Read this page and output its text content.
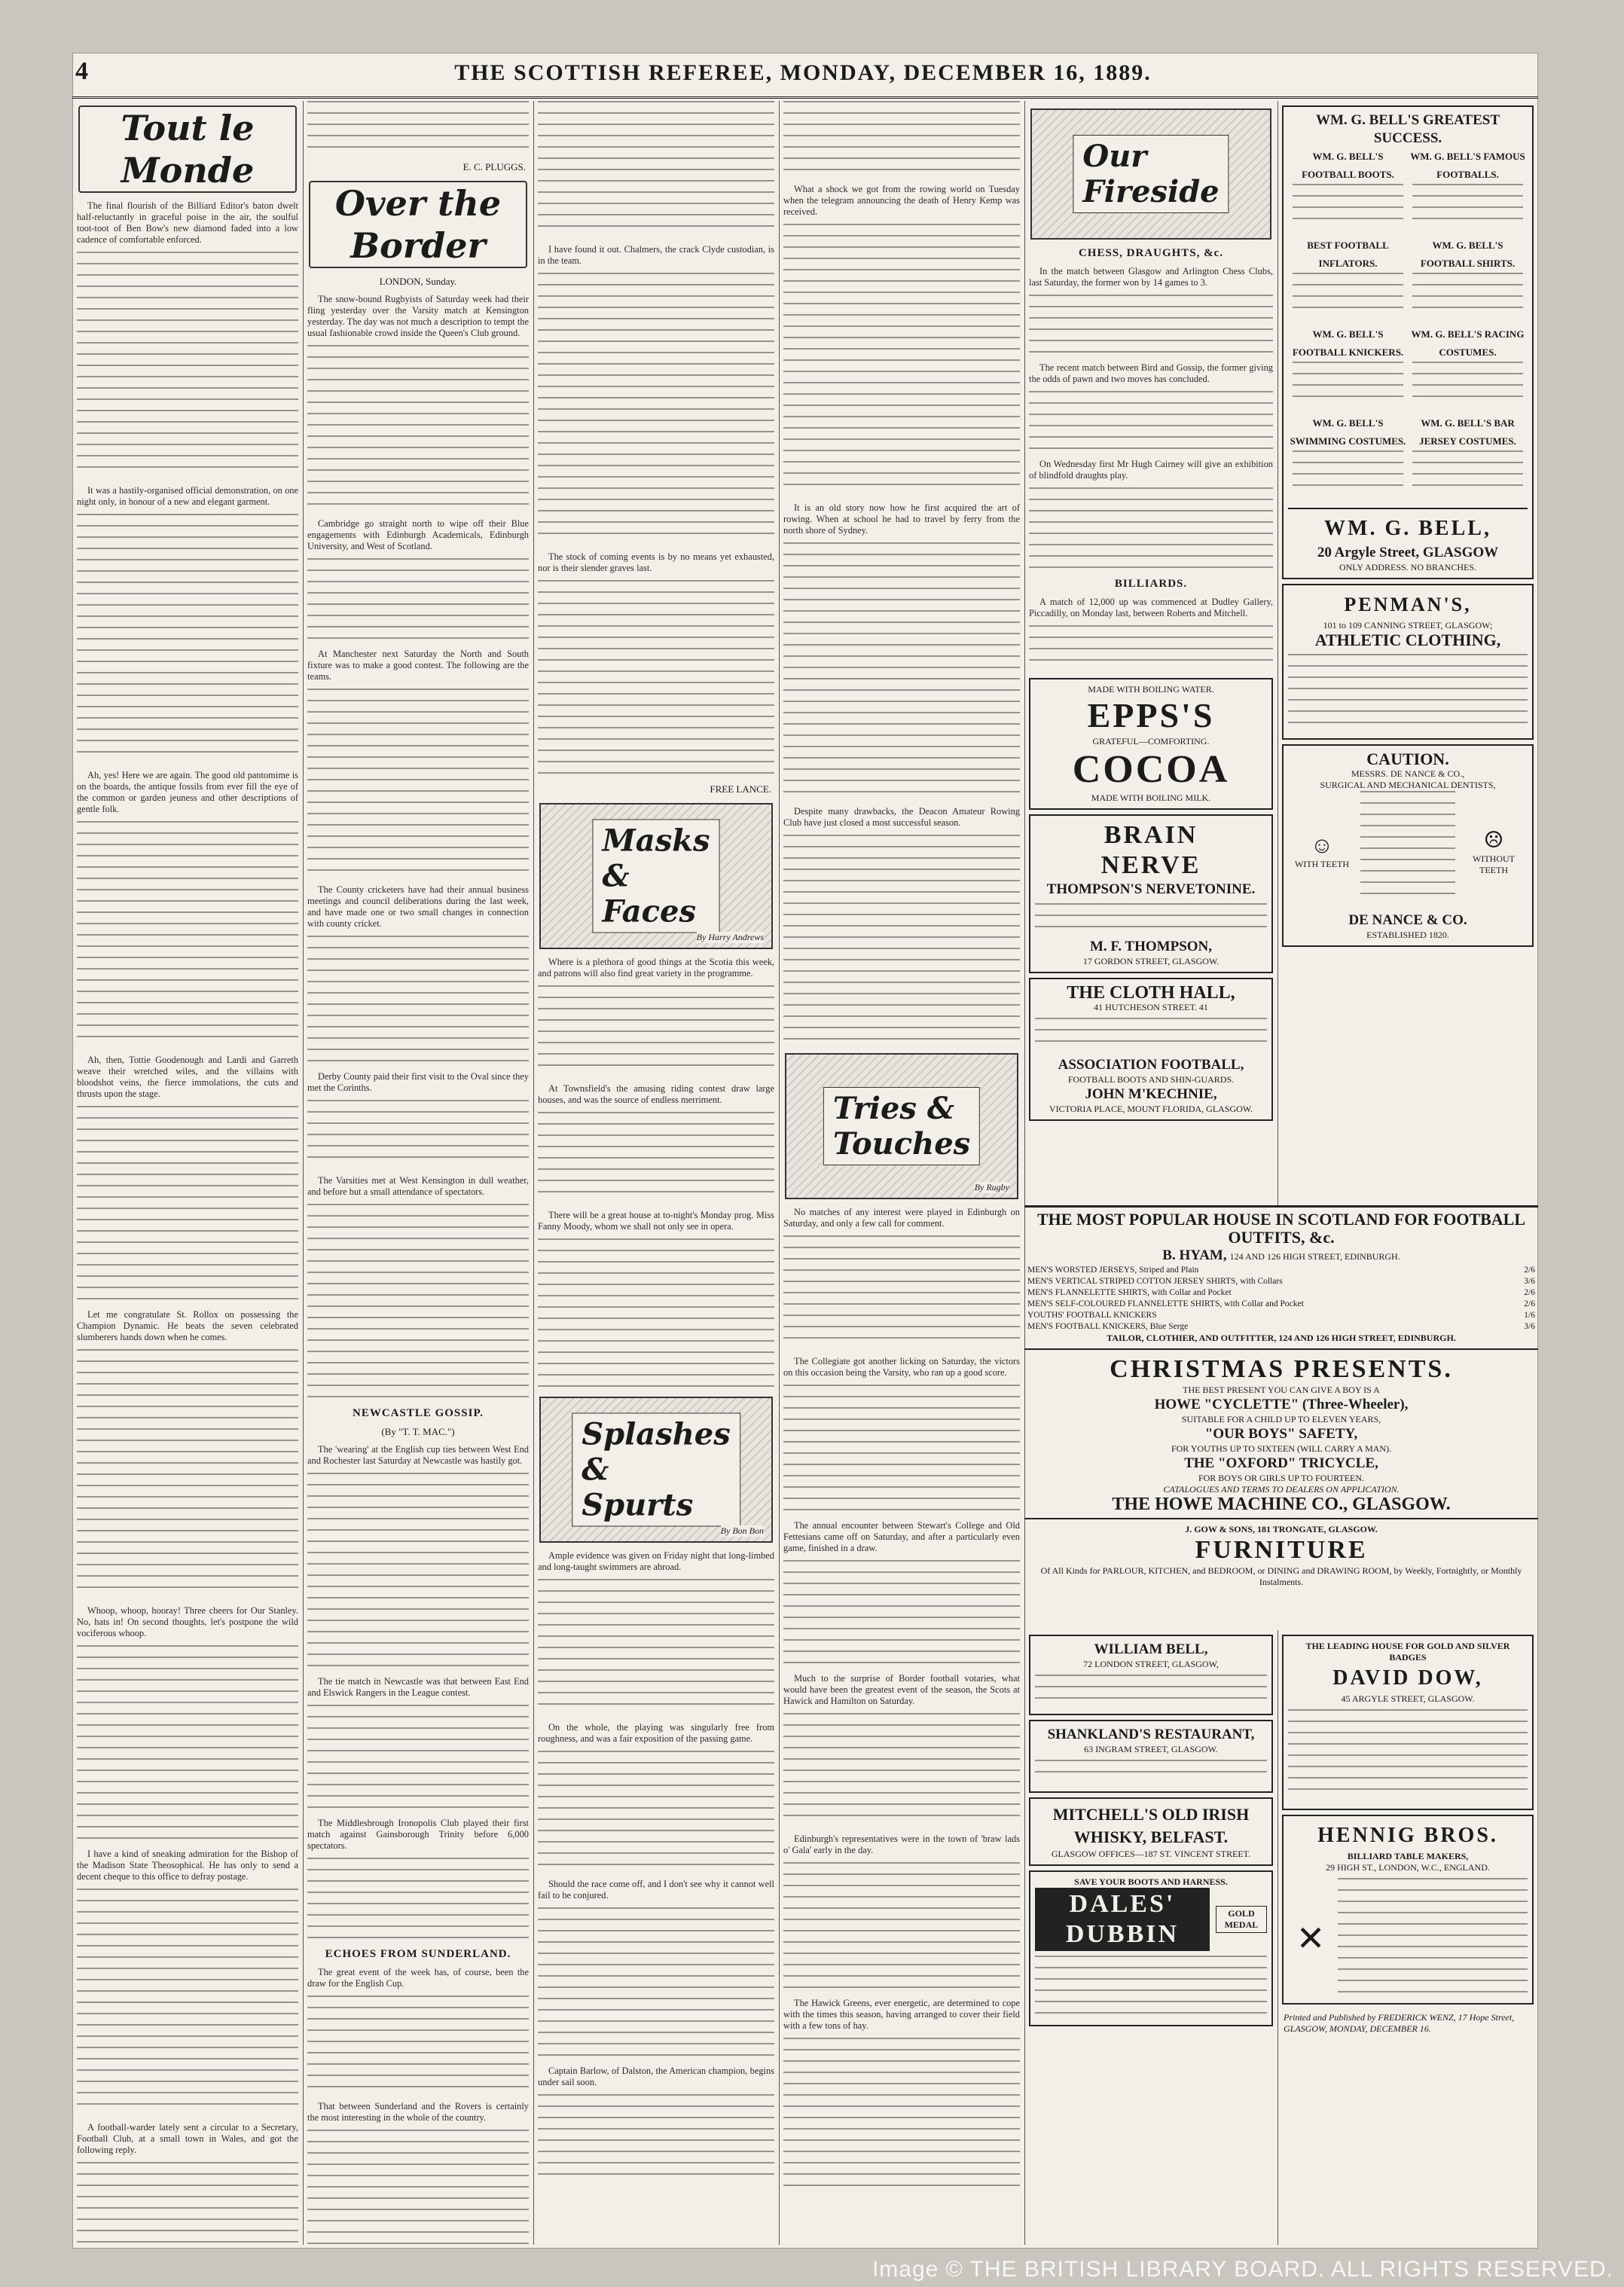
4	THE SCOTTISH REFEREE, MONDAY, DECEMBER 16, 1889.
Tout le Monde

The final flourish of the Billiard Editor's baton dwelt half-reluctantly in graceful poise in the air, the soulful toot-toot of Ben Bow's new diamond faded into a low cadence of comfortable enforced.

It was a hastily-organised official demonstration, on one night only, in honour of a new and elegant garment.

Ah, yes! Here we are again. The good old pantomime is on the boards, the antique fossils from ever fill the eye of the common or garden jeuness and other descriptions of gentle folk.

Ah, then, Tottie Goodenough and Lardi and Garreth weave their wretched wiles, and the villains with bloodshot veins, the fierce immolations, the cuts and thrusts upon the stage.

Let me congratulate St. Rollox on possessing the Champion Dynamic. He beats the seven celebrated slumberers hands down when he comes.

Whoop, whoop, hooray! Three cheers for Our Stanley. No, hats in! On second thoughts, let's postpone the wild vociferous whoop.

I have a kind of sneaking admiration for the Bishop of the Madison State Theosophical. He has only to send a decent cheque to this office to defray postage.

A football-warder lately sent a circular to a Secretary, Football Club, at a small town in Wales, and got the following reply.

E. C. PLUGGS.
Over the Border
LONDON, Sunday.

The snow-bound Rugbyists of Saturday week had their fling yesterday over the Varsity match at Kensington yesterday. The day was not much a description to tempt the usual fashionable crowd inside the Queen's Club ground.

Cambridge go straight north to wipe off their Blue engagements with Edinburgh Academicals, Edinburgh University, and West of Scotland.

At Manchester next Saturday the North and South fixture was to make a good contest. The following are the teams.

The County cricketers have had their annual business meetings and council deliberations during the last week, and have made one or two small changes in connection with county cricket.

Derby County paid their first visit to the Oval since they met the Corinths.

The Varsities met at West Kensington in dull weather, and before but a small attendance of spectators.

NEWCASTLE GOSSIP.
(By "T. T. MAC.")

The 'wearing' at the English cup ties between West End and Rochester last Saturday at Newcastle was hastily got.

The tie match in Newcastle was that between East End and Elswick Rangers in the League contest.

The Middlesbrough Ironopolis Club played their first match against Gainsborough Trinity before 6,000 spectators.

ECHOES FROM SUNDERLAND.

The great event of the week has, of course, been the draw for the English Cup.

That between Sunderland and the Rovers is certainly the most interesting in the whole of the country.

I have found it out. Chalmers, the crack Clyde custodian, is in the team.

The stock of coming events is by no means yet exhausted, nor is their slender graves last.

FREE LANCE.
Masks & Faces
By Harry Andrews

Where is a plethora of good things at the Scotia this week, and patrons will also find great variety in the programme.

At Townsfield's the amusing riding contest draw large houses, and was the source of endless merriment.

There will be a great house at to-night's Monday prog. Miss Fanny Moody, whom we shall not only see in opera.

Splashes & Spurts
By Bon Bon

Ample evidence was given on Friday night that long-limbed and long-taught swimmers are abroad.

On the whole, the playing was singularly free from roughness, and was a fair exposition of the passing game.

Should the race come off, and I don't see why it cannot well fail to be conjured.

Captain Barlow, of Dalston, the American champion, begins under sail soon.

What a shock we got from the rowing world on Tuesday when the telegram announcing the death of Henry Kemp was received.

It is an old story now how he first acquired the art of rowing. When at school he had to travel by ferry from the north shore of Sydney.

Despite many drawbacks, the Deacon Amateur Rowing Club have just closed a most successful season.

Tries & Touches
By Rugby

No matches of any interest were played in Edinburgh on Saturday, and only a few call for comment.

The Collegiate got another licking on Saturday, the victors on this occasion being the Varsity, who ran up a good score.

The annual encounter between Stewart's College and Old Fettesians came off on Saturday, and after a particularly even game, finished in a draw.

Much to the surprise of Border football votaries, what would have been the greatest event of the season, the Scots at Hawick and Hamilton on Saturday.

Edinburgh's representatives were in the town of 'braw lads o' Gala' early in the day.

The Hawick Greens, ever energetic, are determined to cope with the times this season, having arranged to cover their field with a few tons of hay.

Our Fireside
CHESS, DRAUGHTS, &c.

In the match between Glasgow and Arlington Chess Clubs, last Saturday, the former won by 14 games to 3.

The recent match between Bird and Gossip, the former giving the odds of pawn and two moves has concluded.

On Wednesday first Mr Hugh Cairney will give an exhibition of blindfold draughts play.

BILLIARDS.

A match of 12,000 up was commenced at Dudley Gallery, Piccadilly, on Monday last, between Roberts and Mitchell.

MADE WITH BOILING WATER.
EPPS'S
GRATEFUL—COMFORTING.
COCOA
MADE WITH BOILING MILK.
BRAIN
NERVE
THOMPSON'S NERVETONINE.
M. F. THOMPSON,
17 GORDON STREET, GLASGOW.
THE CLOTH HALL,
41 HUTCHESON STREET. 41
ASSOCIATION FOOTBALL,
FOOTBALL BOOTS AND SHIN-GUARDS.
JOHN M'KECHNIE,
VICTORIA PLACE, MOUNT FLORIDA, GLASGOW.
WM. G. BELL'S GREATEST SUCCESS.
WM. G. BELL'S FOOTBALL BOOTS.
BEST FOOTBALL INFLATORS.
WM. G. BELL'S FOOTBALL KNICKERS.
WM. G. BELL'S SWIMMING COSTUMES.
WM. G. BELL'S FAMOUS FOOTBALLS.
WM. G. BELL'S FOOTBALL SHIRTS.
WM. G. BELL'S RACING COSTUMES.
WM. G. BELL'S BAR JERSEY COSTUMES.
WM. G. BELL,
20 Argyle Street, GLASGOW
ONLY ADDRESS. NO BRANCHES.
PENMAN'S,
101 to 109 CANNING STREET, GLASGOW;
ATHLETIC CLOTHING,
CAUTION.
MESSRS. DE NANCE & CO.,
SURGICAL AND MECHANICAL DENTISTS,
☺
WITH TEETH
☹
WITHOUT TEETH
DE NANCE & CO.
ESTABLISHED 1820.
THE MOST POPULAR HOUSE IN SCOTLAND FOR FOOTBALL OUTFITS, &c.
B. HYAM, 124 AND 126 HIGH STREET, EDINBURGH.
MEN'S WORSTED JERSEYS, Striped and Plain	2/6
MEN'S VERTICAL STRIPED COTTON JERSEY SHIRTS, with Collars	3/6
MEN'S FLANNELETTE SHIRTS, with Collar and Pocket	2/6
MEN'S SELF-COLOURED FLANNELETTE SHIRTS, with Collar and Pocket	2/6
YOUTHS' FOOTBALL KNICKERS	1/6
MEN'S FOOTBALL KNICKERS, Blue Serge	3/6
TAILOR, CLOTHIER, AND OUTFITTER, 124 AND 126 HIGH STREET, EDINBURGH.
CHRISTMAS PRESENTS.
THE BEST PRESENT YOU CAN GIVE A BOY IS A
HOWE "CYCLETTE" (Three-Wheeler),
SUITABLE FOR A CHILD UP TO ELEVEN YEARS,
"OUR BOYS" SAFETY,
FOR YOUTHS UP TO SIXTEEN (WILL CARRY A MAN).
THE "OXFORD" TRICYCLE,
FOR BOYS OR GIRLS UP TO FOURTEEN.
CATALOGUES AND TERMS TO DEALERS ON APPLICATION.
THE HOWE MACHINE CO., GLASGOW.
J. GOW & SONS, 181 TRONGATE, GLASGOW.
FURNITURE
Of All Kinds for PARLOUR, KITCHEN, and BEDROOM, or DINING and DRAWING ROOM, by Weekly, Fortnightly, or Monthly Instalments.
WILLIAM BELL,
72 LONDON STREET, GLASGOW,
SHANKLAND'S RESTAURANT,
63 INGRAM STREET, GLASGOW.
MITCHELL'S OLD IRISH WHISKY, BELFAST.
GLASGOW OFFICES—187 ST. VINCENT STREET.
SAVE YOUR BOOTS AND HARNESS.
DALES' DUBBIN
GOLD MEDAL
THE LEADING HOUSE FOR GOLD AND SILVER BADGES
DAVID DOW,
45 ARGYLE STREET, GLASGOW.
HENNIG BROS.
BILLIARD TABLE MAKERS,
29 HIGH ST., LONDON, W.C., ENGLAND.
✕
Printed and Published by FREDERICK WENZ, 17 Hope Street, GLASGOW, MONDAY, DECEMBER 16.
Image © THE BRITISH LIBRARY BOARD. ALL RIGHTS RESERVED.
